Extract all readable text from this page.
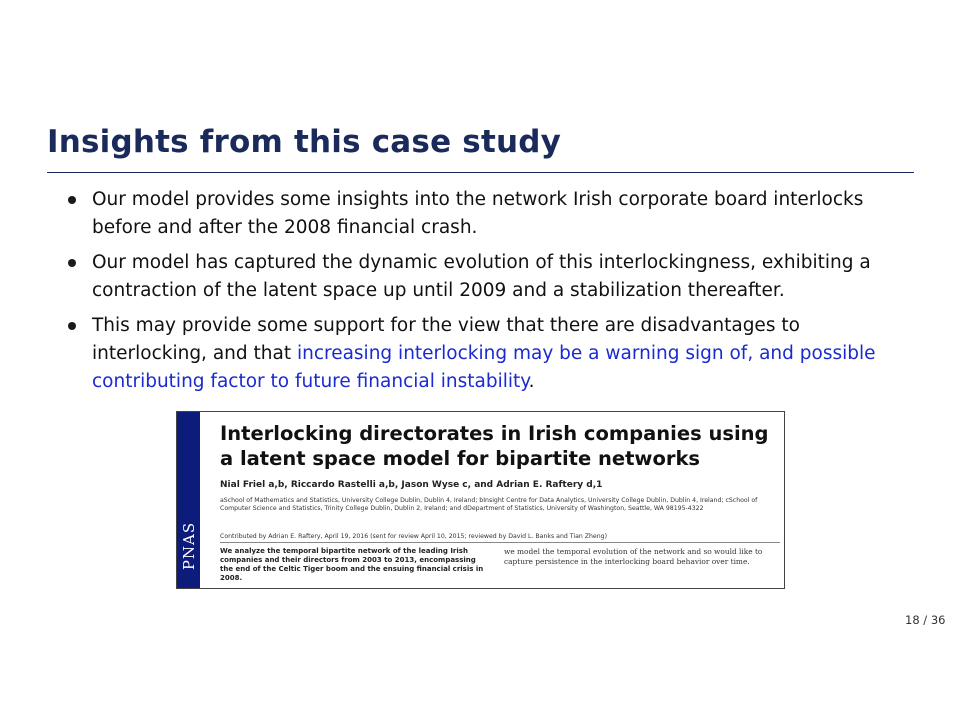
Insights from this case study
Our model provides some insights into the network Irish corporate board interlocks before and after the 2008 financial crash.
Our model has captured the dynamic evolution of this interlockingness, exhibiting a contraction of the latent space up until 2009 and a stabilization thereafter.
This may provide some support for the view that there are disadvantages to interlocking, and that increasing interlocking may be a warning sign of, and possible contributing factor to future financial instability.
PNAS
Interlocking directorates in Irish companies using a latent space model for bipartite networks
Nial Friel a,b, Riccardo Rastelli a,b, Jason Wyse c, and Adrian E. Raftery d,1
aSchool of Mathematics and Statistics, University College Dublin, Dublin 4, Ireland; bInsight Centre for Data Analytics, University College Dublin, Dublin 4, Ireland; cSchool of Computer Science and Statistics, Trinity College Dublin, Dublin 2, Ireland; and dDepartment of Statistics, University of Washington, Seattle, WA 98195-4322
Contributed by Adrian E. Raftery, April 19, 2016 (sent for review April 10, 2015; reviewed by David L. Banks and Tian Zheng)
We analyze the temporal bipartite network of the leading Irish companies and their directors from 2003 to 2013, encompassing the end of the Celtic Tiger boom and the ensuing financial crisis in 2008.
we model the temporal evolution of the network and so would like to capture persistence in the interlocking board behavior over time.
18 / 36
